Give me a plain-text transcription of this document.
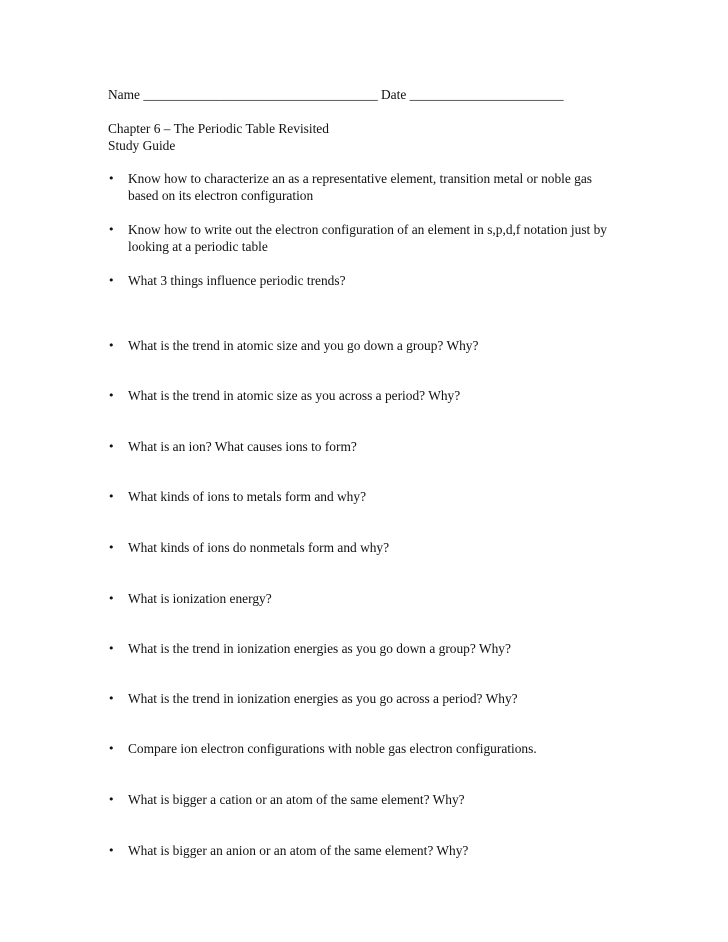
Name ___________________________________ Date _______________________
Chapter 6 – The Periodic Table Revisited
Study Guide
• Know how to characterize an as a representative element, transition metal or noble gas based on its electron configuration
• Know how to write out the electron configuration of an element in s,p,d,f notation just by looking at a periodic table
• What 3 things influence periodic trends?
• What is the trend in atomic size and you go down a group? Why?
• What is the trend in atomic size as you across a period? Why?
• What is an ion? What causes ions to form?
• What kinds of ions to metals form and why?
• What kinds of ions do nonmetals form and why?
• What is ionization energy?
• What is the trend in ionization energies as you go down a group? Why?
• What is the trend in ionization energies as you go across a period? Why?
• Compare ion electron configurations with noble gas electron configurations.
• What is bigger a cation or an atom of the same element? Why?
• What is bigger an anion or an atom of the same element? Why?
